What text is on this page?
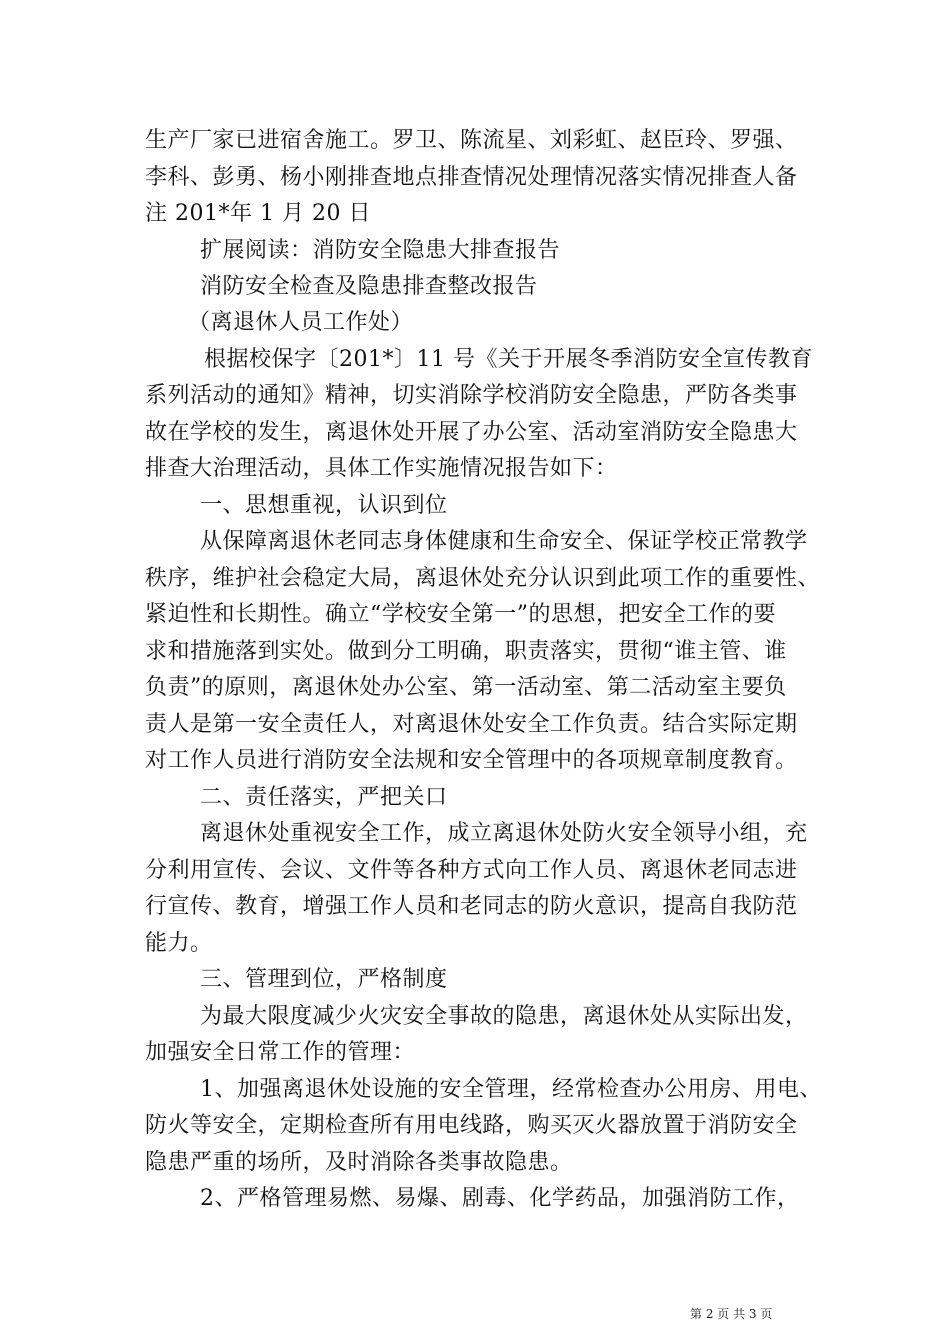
生产厂家已进宿舍施工。罗卫、陈流星、刘彩虹、赵臣玲、罗强、
李科、彭勇、杨小刚排查地点排查情况处理情况落实情况排查人备
注 201*年 1 月 20 日
扩展阅读：消防安全隐患大排查报告
消防安全检查及隐患排查整改报告
（离退休人员工作处）
根据校保字〔201*〕11 号《关于开展冬季消防安全宣传教育
系列活动的通知》精神，切实消除学校消防安全隐患，严防各类事
故在学校的发生，离退休处开展了办公室、活动室消防安全隐患大
排查大治理活动，具体工作实施情况报告如下：
一、思想重视，认识到位
从保障离退休老同志身体健康和生命安全、保证学校正常教学
秩序，维护社会稳定大局，离退休处充分认识到此项工作的重要性、
紧迫性和长期性。确立“学校安全第一”的思想，把安全工作的要
求和措施落到实处。做到分工明确，职责落实，贯彻“谁主管、谁
负责”的原则，离退休处办公室、第一活动室、第二活动室主要负
责人是第一安全责任人，对离退休处安全工作负责。结合实际定期
对工作人员进行消防安全法规和安全管理中的各项规章制度教育。
二、责任落实，严把关口
离退休处重视安全工作，成立离退休处防火安全领导小组，充
分利用宣传、会议、文件等各种方式向工作人员、离退休老同志进
行宣传、教育，增强工作人员和老同志的防火意识，提高自我防范
能力。
三、管理到位，严格制度
为最大限度减少火灾安全事故的隐患，离退休处从实际出发，
加强安全日常工作的管理：
1、加强离退休处设施的安全管理，经常检查办公用房、用电、
防火等安全，定期检查所有用电线路，购买灭火器放置于消防安全
隐患严重的场所，及时消除各类事故隐患。
2、严格管理易燃、易爆、剧毒、化学药品，加强消防工作，
第 2 页 共 3 页
